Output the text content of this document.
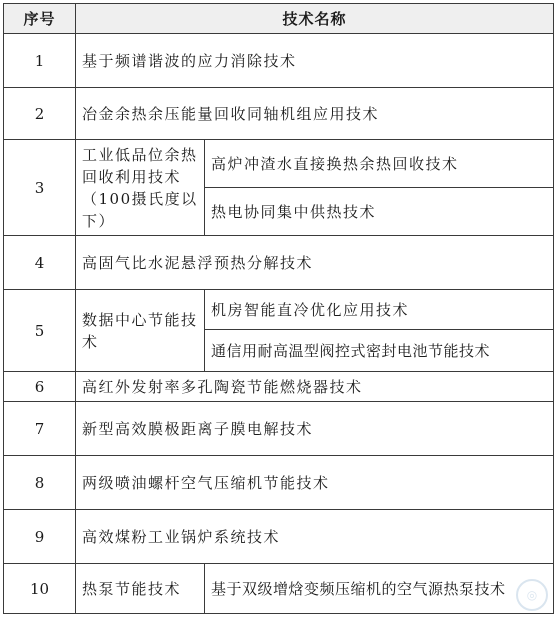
序号	技术名称	
1	基于频谱谐波的应力消除技术	
2	冶金余热余压能量回收同轴机组应用技术	
3	工业低品位余热回收利用技术（100摄氏度以下）	高炉冲渣水直接换热余热回收技术
		热电协同集中供热技术
4	高固气比水泥悬浮预热分解技术	
5	数据中心节能技术	机房智能直冷优化应用技术
		通信用耐高温型阀控式密封电池节能技术
6	高红外发射率多孔陶瓷节能燃烧器技术	
7	新型高效膜极距离子膜电解技术	
8	两级喷油螺杆空气压缩机节能技术	
9	高效煤粉工业锅炉系统技术	
10	热泵节能技术	基于双级增焓变频压缩机的空气源热泵技术	◎
